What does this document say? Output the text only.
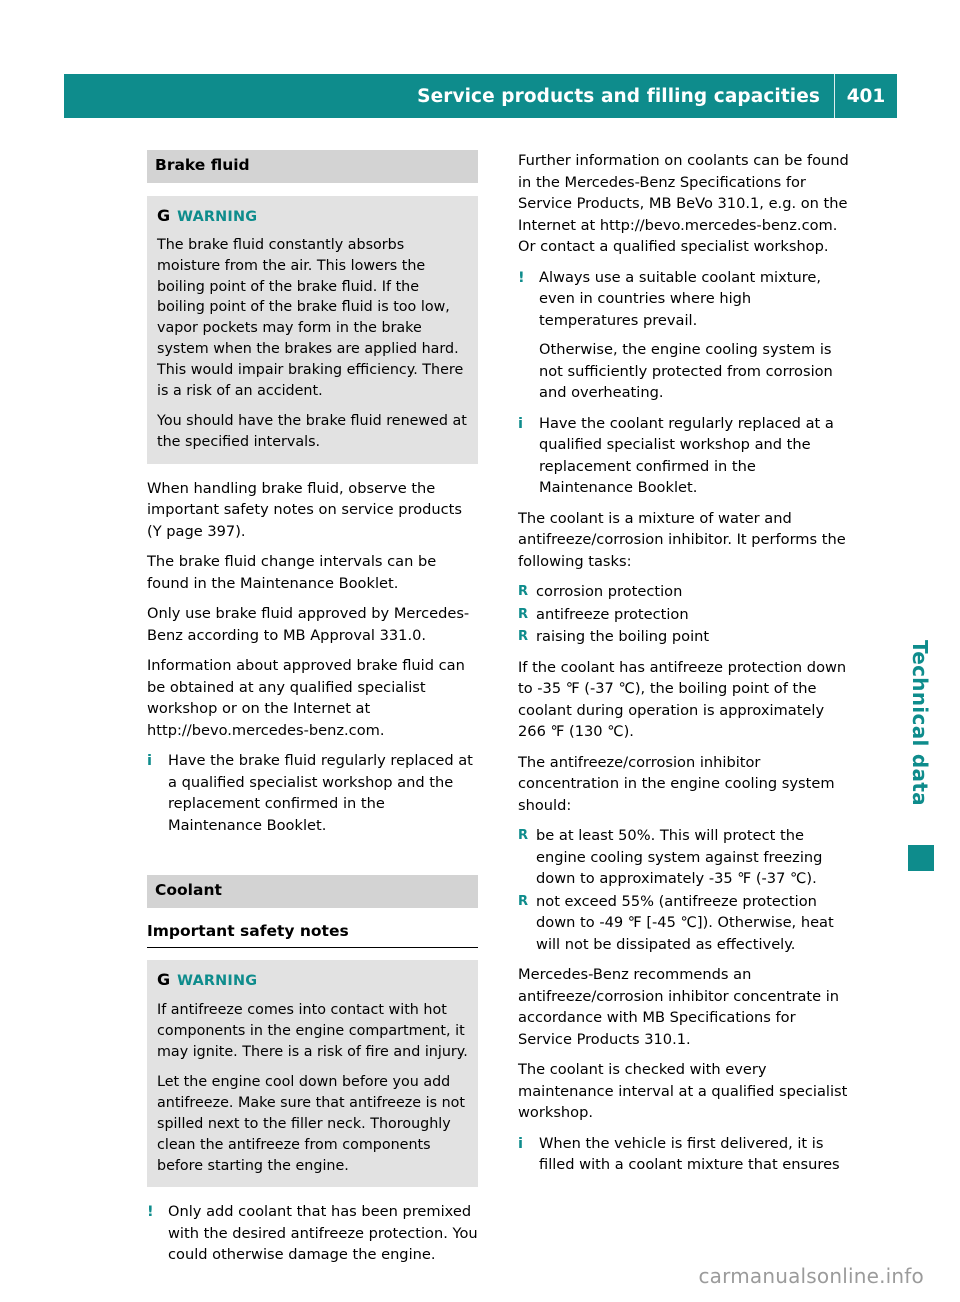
Service products and filling capacities	401
Brake fluid
G WARNING

The brake fluid constantly absorbs moisture from the air. This lowers the boiling point of the brake fluid. If the boiling point of the brake fluid is too low, vapor pockets may form in the brake system when the brakes are applied hard. This would impair braking efficiency. There is a risk of an accident.

You should have the brake fluid renewed at the specified intervals.

When handling brake fluid, observe the important safety notes on service products (Y page 397).

The brake fluid change intervals can be found in the Maintenance Booklet.

Only use brake fluid approved by Mercedes-Benz according to MB Approval 331.0.

Information about approved brake fluid can be obtained at any qualified specialist workshop or on the Internet at http://bevo.mercedes-benz.com.

i	Have the brake fluid regularly replaced at a qualified specialist workshop and the replacement confirmed in the Maintenance Booklet.
Coolant
Important safety notes
G WARNING

If antifreeze comes into contact with hot components in the engine compartment, it may ignite. There is a risk of fire and injury.

Let the engine cool down before you add antifreeze. Make sure that antifreeze is not spilled next to the filler neck. Thoroughly clean the antifreeze from components before starting the engine.

! Only add coolant that has been premixed with the desired antifreeze protection. You could otherwise damage the engine.

Further information on coolants can be found in the Mercedes-Benz Specifications for Service Products, MB BeVo 310.1, e.g. on the Internet at http://bevo.mercedes-benz.com. Or contact a qualified specialist workshop.

! Always use a suitable coolant mixture, even in countries where high temperatures prevail.

Otherwise, the engine cooling system is not sufficiently protected from corrosion and overheating.

i	Have the coolant regularly replaced at a qualified specialist workshop and the replacement confirmed in the Maintenance Booklet.

The coolant is a mixture of water and antifreeze/corrosion inhibitor. It performs the following tasks:

R corrosion protection
R antifreeze protection
R raising the boiling point

If the coolant has antifreeze protection down to -35 ℉ (-37 ℃), the boiling point of the coolant during operation is approximately 266 ℉ (130 ℃).

The antifreeze/corrosion inhibitor concentration in the engine cooling system should:

R be at least 50%. This will protect the engine cooling system against freezing down to approximately -35 ℉ (-37 ℃).
R not exceed 55% (antifreeze protection down to -49 ℉ [-45 ℃]). Otherwise, heat will not be dissipated as effectively.

Mercedes-Benz recommends an antifreeze/corrosion inhibitor concentrate in accordance with MB Specifications for Service Products 310.1.

The coolant is checked with every maintenance interval at a qualified specialist workshop.

i	When the vehicle is first delivered, it is filled with a coolant mixture that ensures
Technical data
carmanualsonline.info
